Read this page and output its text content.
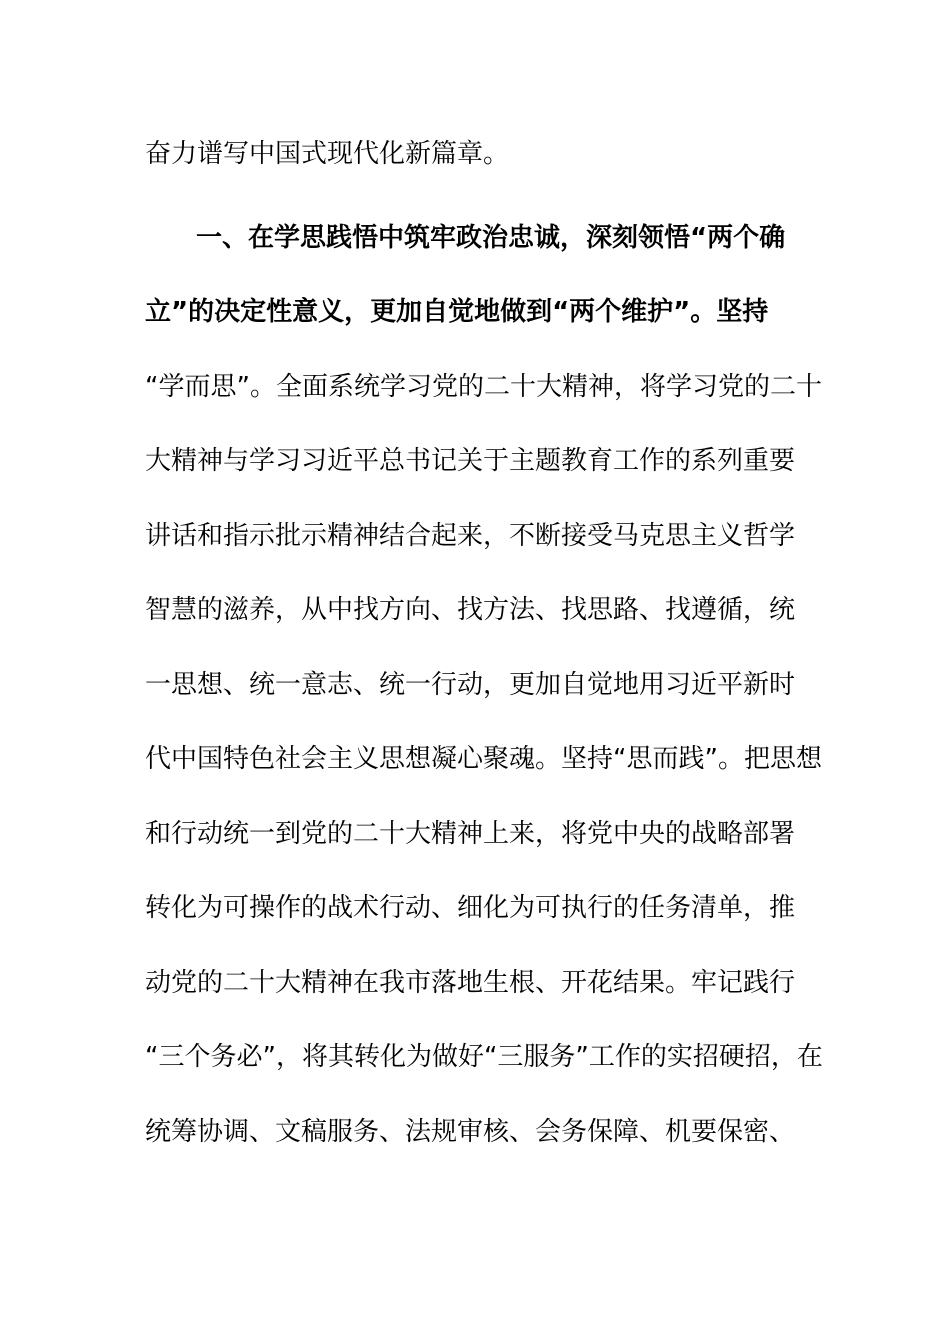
奋力谱写中国式现代化新篇章。
一、在学思践悟中筑牢政治忠诚，深刻领悟“两个确
立”的决定性意义，更加自觉地做到“两个维护”。坚持
“学而思”。全面系统学习党的二十大精神，将学习党的二十
大精神与学习习近平总书记关于主题教育工作的系列重要
讲话和指示批示精神结合起来，不断接受马克思主义哲学
智慧的滋养，从中找方向、找方法、找思路、找遵循，统
一思想、统一意志、统一行动，更加自觉地用习近平新时
代中国特色社会主义思想凝心聚魂。坚持“思而践”。把思想
和行动统一到党的二十大精神上来，将党中央的战略部署
转化为可操作的战术行动、细化为可执行的任务清单，推
动党的二十大精神在我市落地生根、开花结果。牢记践行
“三个务必”，将其转化为做好“三服务”工作的实招硬招，在
统筹协调、文稿服务、法规审核、会务保障、机要保密、
